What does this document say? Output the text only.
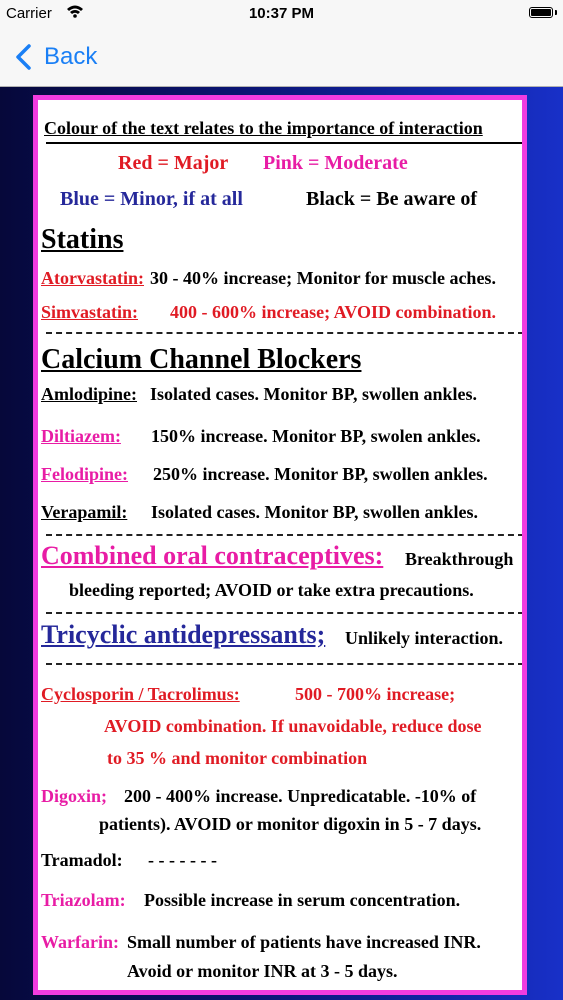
Carrier	10:37 PM
Back
Colour of the text relates to the importance of interaction
Red = Major Pink = Moderate
Blue = Minor, if at all	Black = Be aware of
Statins
Atorvastatin: 30 - 40% increase; Monitor for muscle aches.
Simvastatin: 400 - 600% increase; AVOID combination.
Calcium Channel Blockers
Amlodipine: Isolated cases. Monitor BP, swollen ankles.
Diltiazem: 150% increase. Monitor BP, swolen ankles.
Felodipine: 250% increase. Monitor BP, swollen ankles.
Verapamil: Isolated cases. Monitor BP, swollen ankles.
Combined oral contraceptives: Breakthrough
bleeding reported; AVOID or take extra precautions.
Tricyclic antidepressants; Unlikely interaction.
Cyclosporin / Tacrolimus:	500 - 700% increase;
AVOID combination. If unavoidable, reduce dose
to 35 % and monitor combination
Digoxin; 200 - 400% increase. Unpredicatable. -10% of
patients). AVOID or monitor digoxin in 5 - 7 days.
Tramadol: - - - - - - -
Triazolam: Possible increase in serum concentration.
Warfarin: Small number of patients have increased INR.
Avoid or monitor INR at 3 - 5 days.
